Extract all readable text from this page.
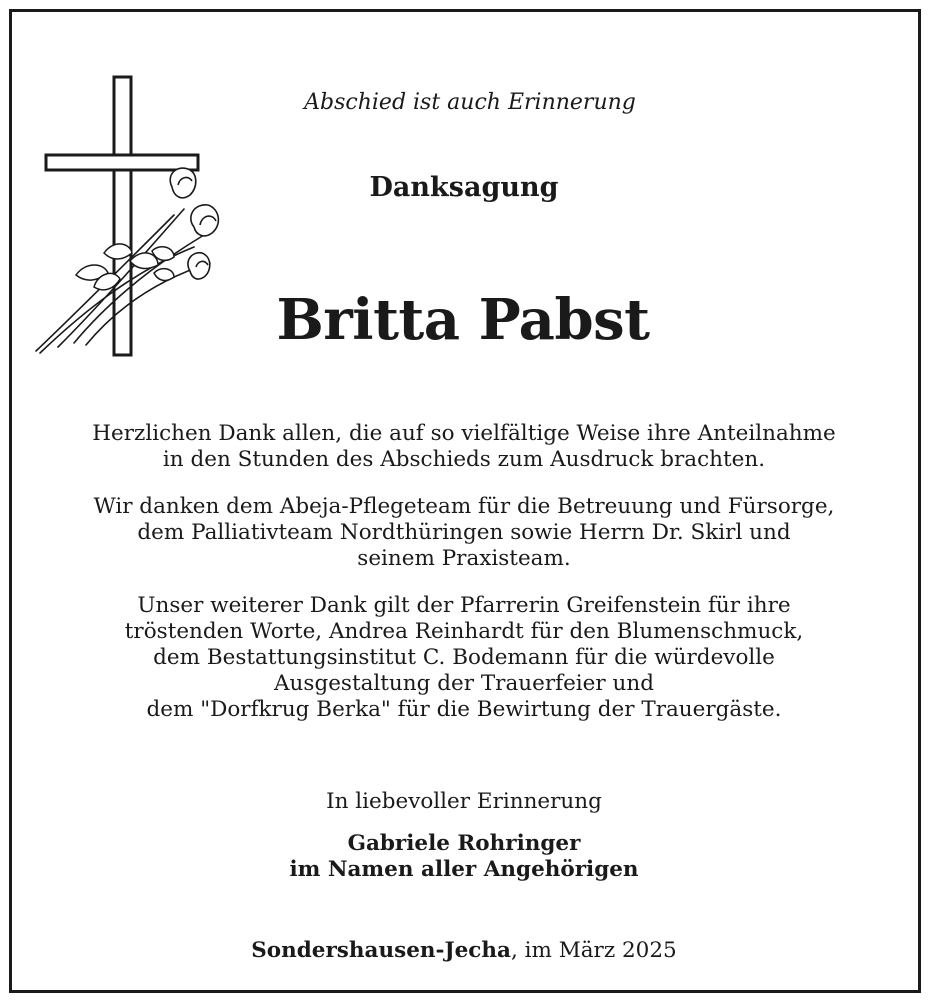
Abschied ist auch Erinnerung
Danksagung
Britta Pabst

Herzlichen Dank allen, die auf so vielfältige Weise ihre Anteilnahme
in den Stunden des Abschieds zum Ausdruck brachten.

Wir danken dem Abeja-Pflegeteam für die Betreuung und Fürsorge,
dem Palliativteam Nordthüringen sowie Herrn Dr. Skirl und
seinem Praxisteam.

Unser weiterer Dank gilt der Pfarrerin Greifenstein für ihre
tröstenden Worte, Andrea Reinhardt für den Blumenschmuck,
dem Bestattungsinstitut C. Bodemann für die würdevolle
Ausgestaltung der Trauerfeier und
dem "Dorfkrug Berka" für die Bewirtung der Trauergäste.

In liebevoller Erinnerung
Gabriele Rohringer
im Namen aller Angehörigen
Sondershausen-Jecha, im März 2025
